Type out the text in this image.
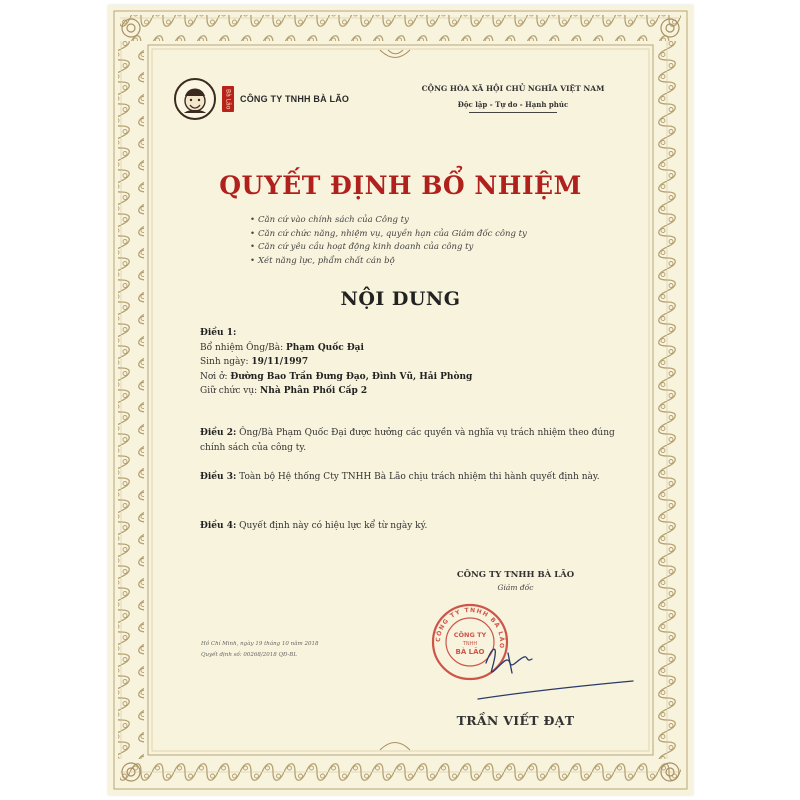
Bà Lão CÔNG TY TNHH BÀ LÃO
CỘNG HÒA XÃ HỘI CHỦ NGHĨA VIỆT NAM
Độc lập - Tự do - Hạnh phúc
QUYẾT ĐỊNH BỔ NHIỆM
• Căn cứ vào chính sách của Công ty
• Căn cứ chức năng, nhiệm vụ, quyền hạn của Giám đốc công ty
• Căn cứ yêu cầu hoạt động kinh doanh của công ty
• Xét năng lực, phẩm chất cán bộ
NỘI DUNG
Điều 1:
Bổ nhiệm Ông/Bà: Phạm Quốc Đại
Sinh ngày: 19/11/1997
Nơi ở: Đường Bao Trần Đưng Đạo, Đình Vũ, Hải Phòng
Giữ chức vụ: Nhà Phân Phối Cấp 2
Điều 2: Ông/Bà Phạm Quốc Đại được hưởng các quyền và nghĩa vụ trách nhiệm theo đúng chính sách của công ty.
Điều 3: Toàn bộ Hệ thống Cty TNHH Bà Lão chịu trách nhiệm thi hành quyết định này.
Điều 4: Quyết định này có hiệu lực kể từ ngày ký.
CÔNG TY TNHH BÀ LÃO
Giám đốc
Hồ Chí Minh, ngày 19 tháng 10 năm 2018
Quyết định số: 00268/2018 QĐ-BL
CÔNG TY TNHH BÀ LÃO
CÔNG TY
TNHH
BÀ LÃO
TRẦN VIẾT ĐẠT
